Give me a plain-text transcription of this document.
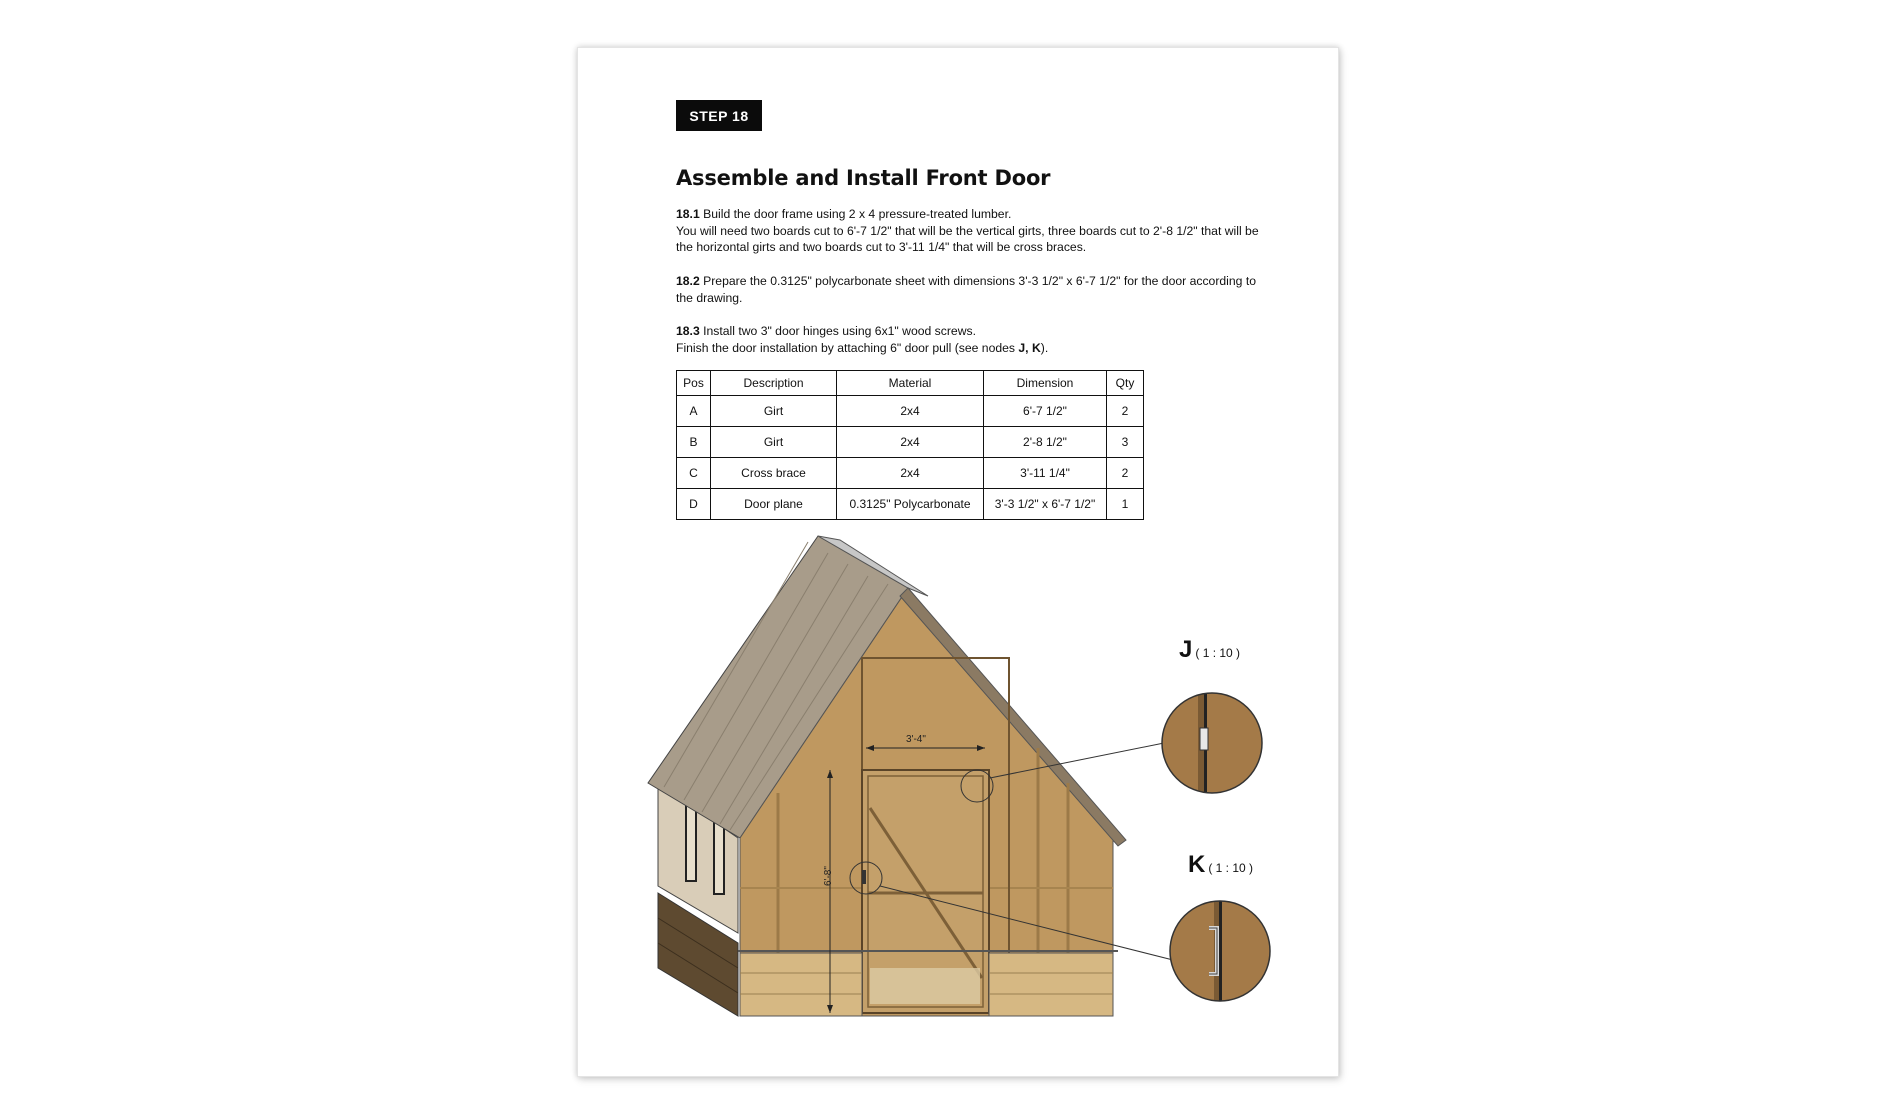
STEP 18
Assemble and Install Front Door

18.1 Build the door frame using 2 x 4 pressure-treated lumber.
You will need two boards cut to 6'-7 1/2" that will be the vertical girts, three boards cut to 2'-8 1/2" that will be the horizontal girts and two boards cut to 3'-11 1/4" that will be cross braces.

18.2 Prepare the 0.3125" polycarbonate sheet with dimensions 3'-3 1/2" x 6'-7 1/2" for the door according to the drawing.

18.3 Install two 3" door hinges using 6x1" wood screws.
Finish the door installation by attaching 6" door pull (see nodes J, K).

Pos	Description	Material	Dimension	Qty
A	Girt	2x4	6'-7 1/2"	2
B	Girt	2x4	2'-8 1/2"	3
C	Cross brace	2x4	3'-11 1/4"	2
D	Door plane	0.3125" Polycarbonate	3'-3 1/2" x 6'-7 1/2"	1
3'-4"
6'-8"
J ( 1 : 10 )
K ( 1 : 10 )
